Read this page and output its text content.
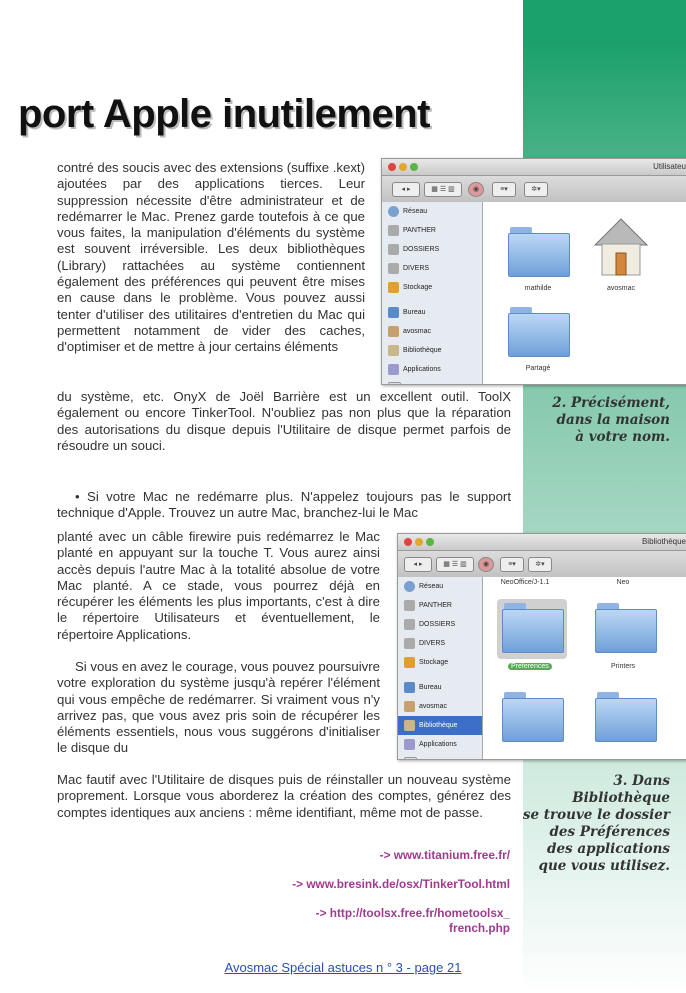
port Apple inutilement

contré des soucis avec des extensions (suffixe .kext) ajoutées par des applications tierces. Leur suppression nécessite d'être administrateur et de redémarrer le Mac. Prenez garde toutefois à ce que vous faites, la manipulation d'éléments du système est souvent irréversible. Les deux bibliothèques (Library) rattachées au système contiennent également des préférences qui peuvent être mises en cause dans le problème. Vous pouvez aussi tenter d'utiliser des utilitaires d'entretien du Mac qui permettent notamment de vider des caches, d'optimiser et de mettre à jour certains éléments

du système, etc. OnyX de Joël Barrière est un excellent outil. ToolX également ou encore TinkerTool. N'oubliez pas non plus que la réparation des autorisations du disque depuis l'Utilitaire de disque permet parfois de résoudre un souci.

• Si votre Mac ne redémarre plus. N'appelez toujours pas le support technique d'Apple. Trouvez un autre Mac, branchez-lui le Mac

planté avec un câble firewire puis redémarrez le Mac planté en appuyant sur la touche T. Vous aurez ainsi accès depuis l'autre Mac à la totalité absolue de votre Mac planté. A ce stade, vous pourrez déjà en récupérer les éléments les plus importants, c'est à dire le répertoire Utilisateurs et éventuellement, le répertoire Applications.

Si vous en avez le courage, vous pouvez poursuivre votre exploration du système jusqu'à repérer l'élément qui vous empêche de redémarrer. Si vraiment vous n'y arrivez pas, que vous avez pris soin de récupérer les éléments essentiels, nous vous suggérons d'initialiser le disque du

Mac fautif avec l'Utilitaire de disques puis de réinstaller un nouveau système proprement. Lorsque vous aborderez la création des comptes, générez des comptes identiques aux anciens : même identifiant, même mot de passe.

-> www.titanium.free.fr/
-> www.bresink.de/osx/TinkerTool.html
-> http://toolsx.free.fr/hometoolsx_
french.php
2. Précisément,
dans la maison
à votre nom.
3. Dans
Bibliothèque
se trouve le dossier
des Préférences
des applications
que vous utilisez.
Utilisateu
◂ ▸	▦ ☰ ▥	◉	≡▾	✲▾
Réseau
PANTHER
DOSSIERS
DIVERS
Stockage
Bureau
avosmac
Bibliothèque
Applications
mathilde	avosmac
Partagé
Bibliothèque
◂ ▸	▦ ☰ ▥	◉	≡▾	✲▾
Réseau
PANTHER
DOSSIERS
DIVERS
Stockage
Bureau
avosmac
Bibliothèque
Applications
NeoOffice/J-1.1	Neo
Preferences	Printers
Avosmac Spécial astuces n ° 3 - page 21
